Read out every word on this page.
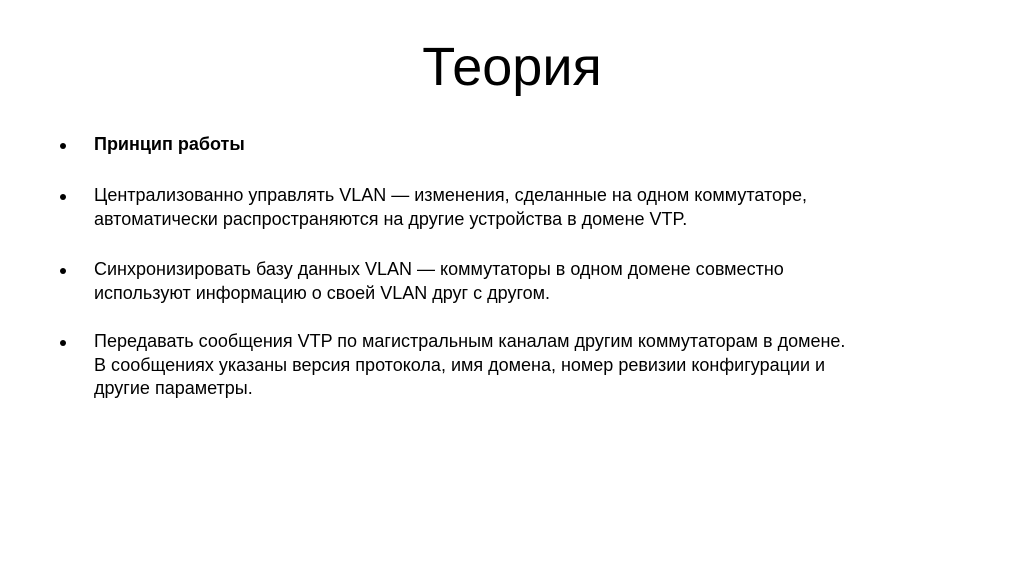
Теория
Принцип работы
Централизованно управлять VLAN — изменения, сделанные на одном коммутаторе,
автоматически распространяются на другие устройства в домене VTP.
Синхронизировать базу данных VLAN — коммутаторы в одном домене совместно
используют информацию о своей VLAN друг с другом.
Передавать сообщения VTP по магистральным каналам другим коммутаторам в домене.
В сообщениях указаны версия протокола, имя домена, номер ревизии конфигурации и
другие параметры.
